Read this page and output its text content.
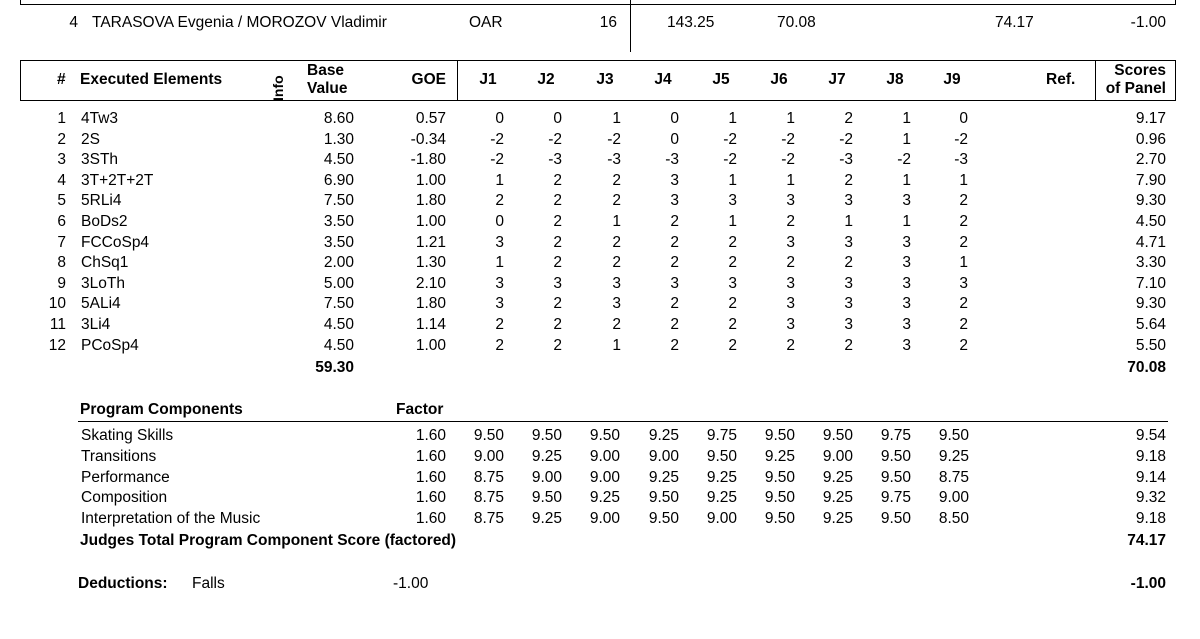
4 TARASOVA Evgenia / MOROZOV Vladimir	OAR	16	143.25	70.08	74.17	-1.00
# Executed Elements	Info
Base
Value
GOE	Ref.
Scores
of Panel
J1	J2	J3	J4	J5	J6	J7	J8	J9
1 4Tw3	8.60	0.57	0	0	1	0	1	1	2	1	0	9.17
2 2S	1.30	-0.34	-2	-2	-2	0	-2	-2	-2	1	-2	0.96
3 3STh	4.50	-1.80	-2	-3	-3	-3	-2	-2	-3	-2	-3	2.70
4 3T+2T+2T	6.90	1.00	1	2	2	3	1	1	2	1	1	7.90
5 5RLi4	7.50	1.80	2	2	2	3	3	3	3	3	2	9.30
6 BoDs2	3.50	1.00	0	2	1	2	1	2	1	1	2	4.50
7 FCCoSp4	3.50	1.21	3	2	2	2	2	3	3	3	2	4.71
8 ChSq1	2.00	1.30	1	2	2	2	2	2	2	3	1	3.30
9 3LoTh	5.00	2.10	3	3	3	3	3	3	3	3	3	7.10
10 5ALi4	7.50	1.80	3	2	3	2	2	3	3	3	2	9.30
11 3Li4	4.50	1.14	2	2	2	2	2	3	3	3	2	5.64
12 PCoSp4	4.50	1.00	2	2	1	2	2	2	2	3	2	5.50
59.30	70.08
Program Components	Factor
Skating Skills	1.60	9.50	9.50	9.50	9.25	9.75	9.50	9.50	9.75	9.50	9.54
Transitions	1.60	9.00	9.25	9.00	9.00	9.50	9.25	9.00	9.50	9.25	9.18
Performance	1.60	8.75	9.00	9.00	9.25	9.25	9.50	9.25	9.50	8.75	9.14
Composition	1.60	8.75	9.50	9.25	9.50	9.25	9.50	9.25	9.75	9.00	9.32
Interpretation of the Music	1.60	8.75	9.25	9.00	9.50	9.00	9.50	9.25	9.50	8.50	9.18
Judges Total Program Component Score (factored)	74.17
Deductions: Falls	-1.00	-1.00
